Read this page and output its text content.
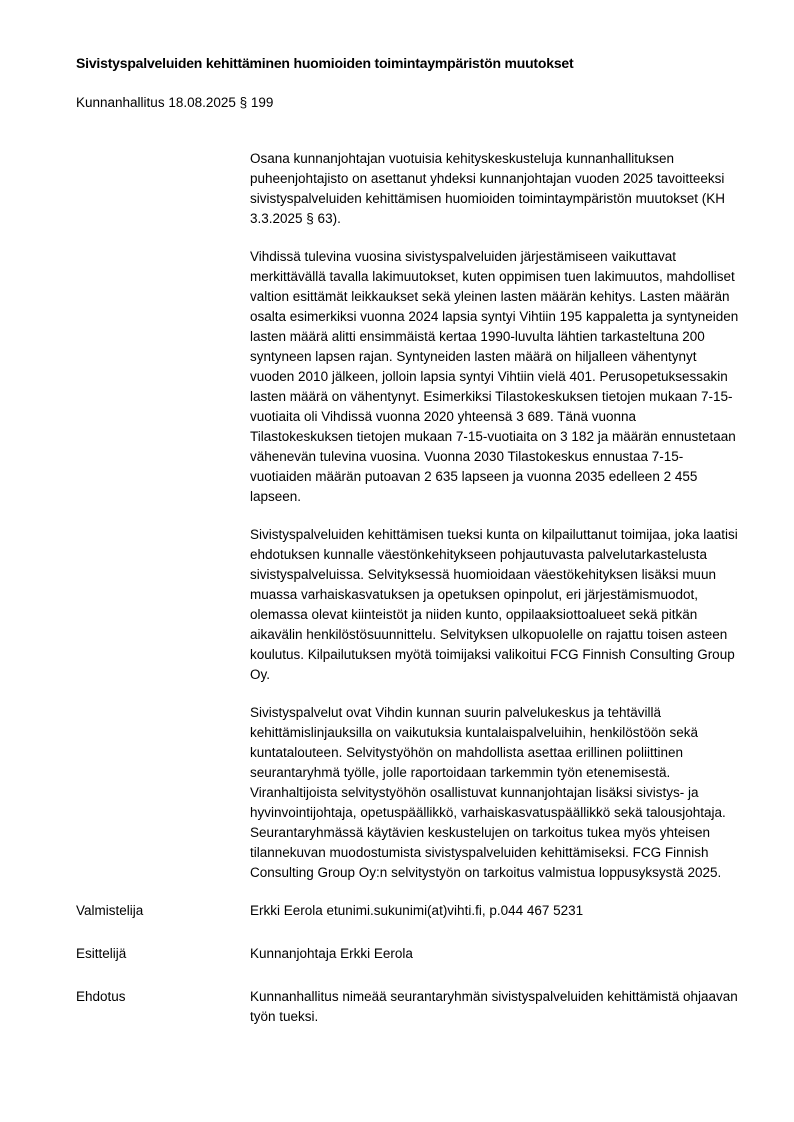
Sivistyspalveluiden kehittäminen huomioiden toimintaympäristön muutokset
Kunnanhallitus 18.08.2025 § 199

Osana kunnanjohtajan vuotuisia kehityskeskusteluja kunnanhallituksen puheenjohtajisto on asettanut yhdeksi kunnanjohtajan vuoden 2025 tavoitteeksi sivistyspalveluiden kehittämisen huomioiden toimintaympäristön muutokset (KH 3.3.2025 § 63).

Vihdissä tulevina vuosina sivistyspalveluiden järjestämiseen vaikuttavat merkittävällä tavalla lakimuutokset, kuten oppimisen tuen lakimuutos, mahdolliset valtion esittämät leikkaukset sekä yleinen lasten määrän kehitys. Lasten määrän osalta esimerkiksi vuonna 2024 lapsia syntyi Vihtiin 195 kappaletta ja syntyneiden lasten määrä alitti ensimmäistä kertaa 1990-luvulta lähtien tarkasteltuna 200 syntyneen lapsen rajan. Syntyneiden lasten määrä on hiljalleen vähentynyt vuoden 2010 jälkeen, jolloin lapsia syntyi Vihtiin vielä 401. Perusopetuksessakin lasten määrä on vähentynyt. Esimerkiksi Tilastokeskuksen tietojen mukaan 7-15-vuotiaita oli Vihdissä vuonna 2020 yhteensä 3 689. Tänä vuonna Tilastokeskuksen tietojen mukaan 7-15-vuotiaita on 3 182 ja määrän ennustetaan vähenevän tulevina vuosina. Vuonna 2030 Tilastokeskus ennustaa 7-15-vuotiaiden määrän putoavan 2 635 lapseen ja vuonna 2035 edelleen 2 455 lapseen.

Sivistyspalveluiden kehittämisen tueksi kunta on kilpailuttanut toimijaa, joka laatisi ehdotuksen kunnalle väestönkehitykseen pohjautuvasta palvelutarkastelusta sivistyspalveluissa. Selvityksessä huomioidaan väestökehityksen lisäksi muun muassa varhaiskasvatuksen ja opetuksen opinpolut, eri järjestämismuodot, olemassa olevat kiinteistöt ja niiden kunto, oppilaaksiottoalueet sekä pitkän aikavälin henkilöstösuunnittelu. Selvityksen ulkopuolelle on rajattu toisen asteen koulutus. Kilpailutuksen myötä toimijaksi valikoitui FCG Finnish Consulting Group Oy.

Sivistyspalvelut ovat Vihdin kunnan suurin palvelukeskus ja tehtävillä kehittämislinjauksilla on vaikutuksia kuntalaispalveluihin, henkilöstöön sekä kuntatalouteen. Selvitystyöhön on mahdollista asettaa erillinen poliittinen seurantaryhmä työlle, jolle raportoidaan tarkemmin työn etenemisestä. Viranhaltijoista selvitystyöhön osallistuvat kunnanjohtajan lisäksi sivistys- ja hyvinvointijohtaja, opetuspäällikkö, varhaiskasvatuspäällikkö sekä talousjohtaja. Seurantaryhmässä käytävien keskustelujen on tarkoitus tukea myös yhteisen tilannekuvan muodostumista sivistyspalveluiden kehittämiseksi. FCG Finnish Consulting Group Oy:n selvitystyön on tarkoitus valmistua loppusyksystä 2025.

Valmistelija	Erkki Eerola etunimi.sukunimi(at)vihti.fi, p.044 467 5231
Esittelijä	Kunnanjohtaja Erkki Eerola
Ehdotus	Kunnanhallitus nimeää seurantaryhmän sivistyspalveluiden kehittämistä ohjaavan työn tueksi.
